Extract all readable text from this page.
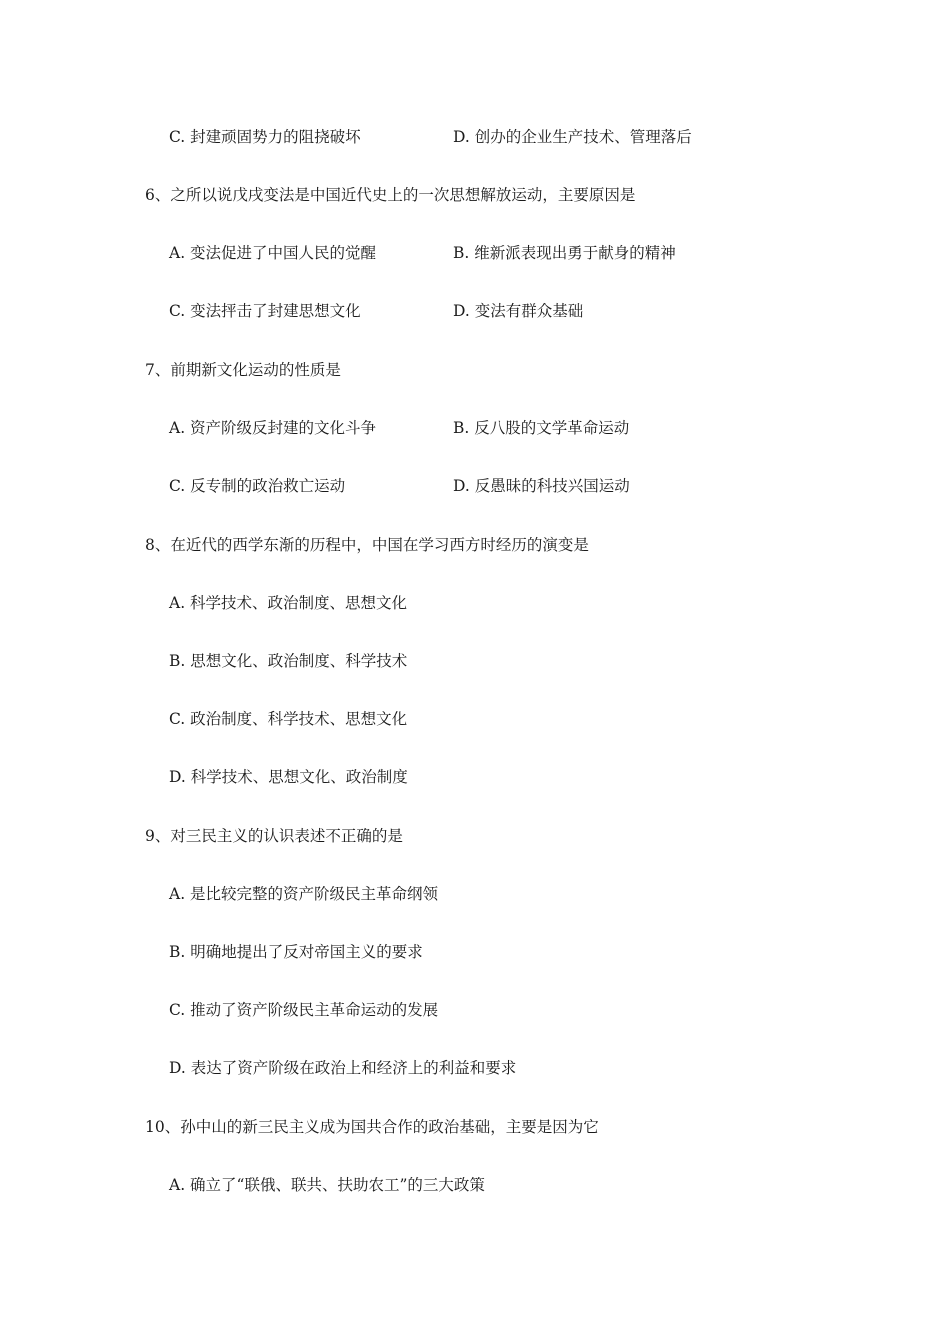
C. 封建顽固势力的阻挠破坏	D. 创办的企业生产技术、管理落后
6、之所以说戊戌变法是中国近代史上的一次思想解放运动，主要原因是
A. 变法促进了中国人民的觉醒	B. 维新派表现出勇于献身的精神
C. 变法抨击了封建思想文化	D. 变法有群众基础
7、前期新文化运动的性质是
A. 资产阶级反封建的文化斗争	B. 反八股的文学革命运动
C. 反专制的政治救亡运动	D. 反愚昧的科技兴国运动
8、在近代的西学东渐的历程中，中国在学习西方时经历的演变是
A. 科学技术、政治制度、思想文化
B. 思想文化、政治制度、科学技术
C. 政治制度、科学技术、思想文化
D. 科学技术、思想文化、政治制度
9、对三民主义的认识表述不正确的是
A. 是比较完整的资产阶级民主革命纲领
B. 明确地提出了反对帝国主义的要求
C. 推动了资产阶级民主革命运动的发展
D. 表达了资产阶级在政治上和经济上的利益和要求
10、孙中山的新三民主义成为国共合作的政治基础，主要是因为它
A. 确立了“联俄、联共、扶助农工”的三大政策
